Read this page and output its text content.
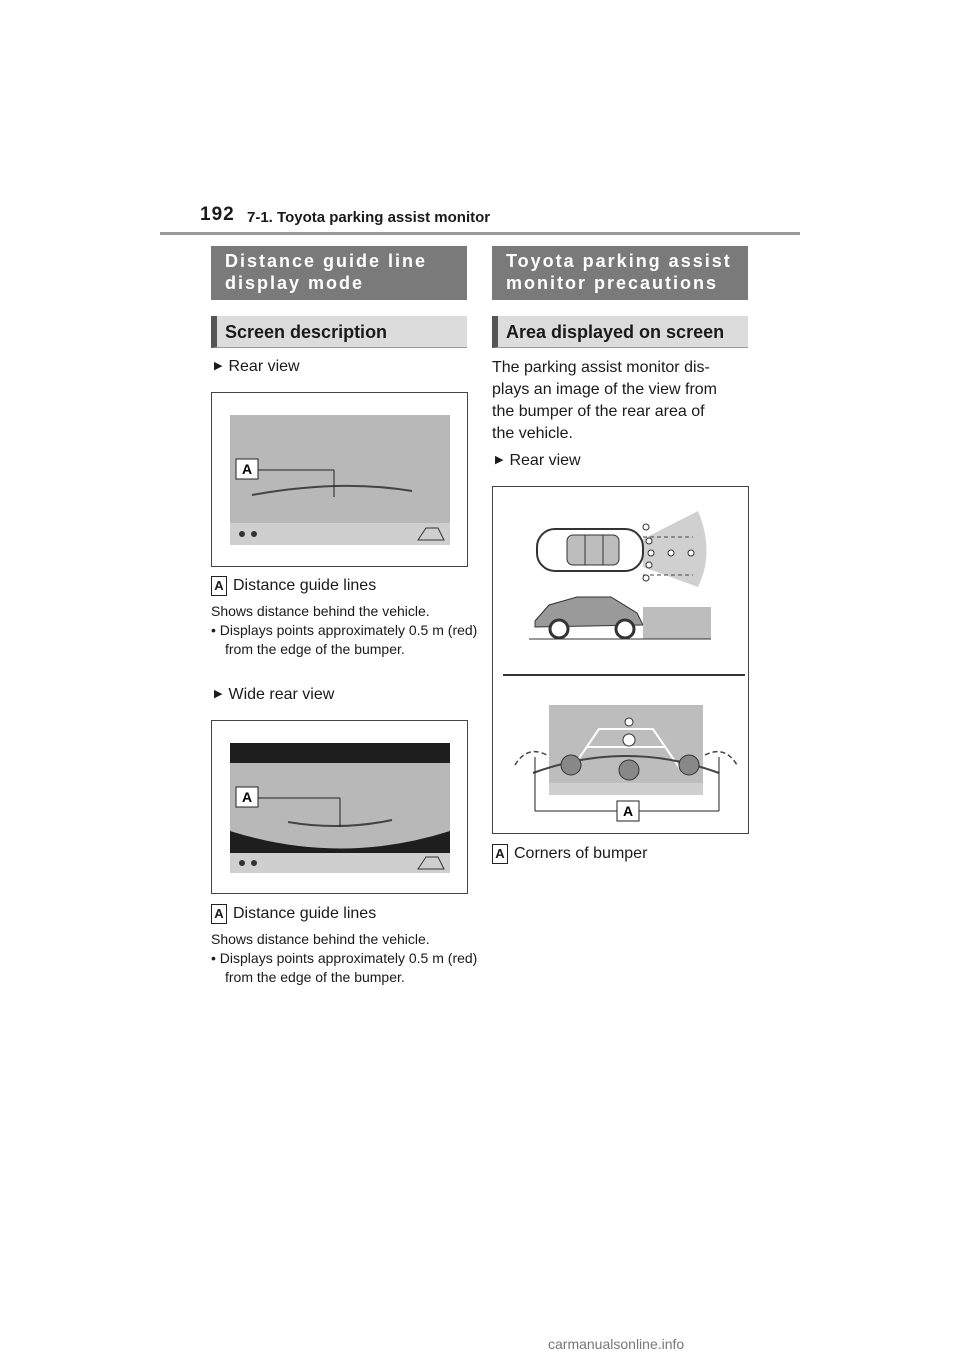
192 7-1. Toyota parking assist monitor
Distance guide line display mode
Screen description
▶ Rear view
A
A Distance guide lines
Shows distance behind the vehicle.
• Displays points approximately 0.5 m (red) from the edge of the bumper.
▶ Wide rear view
A
A Distance guide lines
Shows distance behind the vehicle.
• Displays points approximately 0.5 m (red) from the edge of the bumper.
Toyota parking assist monitor precautions
Area displayed on screen
The parking assist monitor dis-
plays an image of the view from
the bumper of the rear area of
the vehicle.
▶ Rear view
A
A Corners of bumper
carmanualsonline.info
